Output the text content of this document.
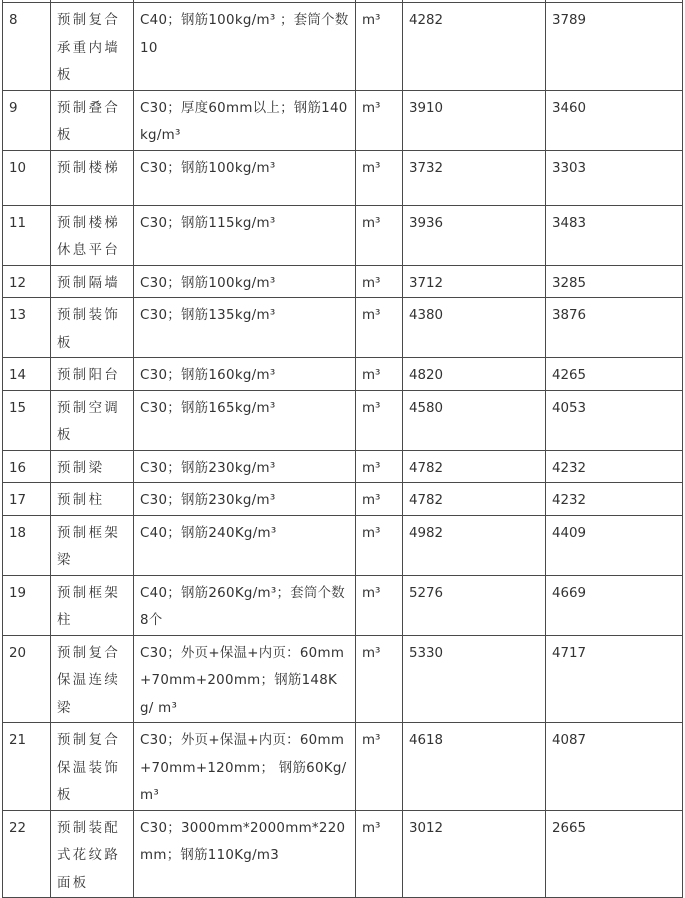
8	预制复合承重内墙板	C40；钢筋100kg/m³ ；套筒个数10	m³	4282	3789
9	预制叠合板	C30；厚度60mm以上；钢筋140kg/m³	m³	3910	3460
10	预制楼梯	C30；钢筋100kg/m³	m³	3732	3303
11	预制楼梯休息平台	C30；钢筋115kg/m³	m³	3936	3483
12	预制隔墙	C30；钢筋100kg/m³	m³	3712	3285
13	预制装饰板	C30；钢筋135kg/m³	m³	4380	3876
14	预制阳台	C30；钢筋160kg/m³	m³	4820	4265
15	预制空调板	C30；钢筋165kg/m³	m³	4580	4053
16	预制梁	C30；钢筋230kg/m³	m³	4782	4232
17	预制柱	C30；钢筋230kg/m³	m³	4782	4232
18	预制框架梁	C40；钢筋240Kg/m³	m³	4982	4409
19	预制框架柱	C40；钢筋260Kg/m³；套筒个数8个	m³	5276	4669
20	预制复合保温连续梁	C30；外页+保温+内页：60mm+70mm+200mm；钢筋148Kg/ m³	m³	5330	4717
21	预制复合保温装饰板	C30；外页+保温+内页：60mm+70mm+120mm； 钢筋60Kg/m³	m³	4618	4087
22	预制装配式花纹路面板	C30；3000mm*2000mm*220mm；钢筋110Kg/m3	m³	3012	2665
